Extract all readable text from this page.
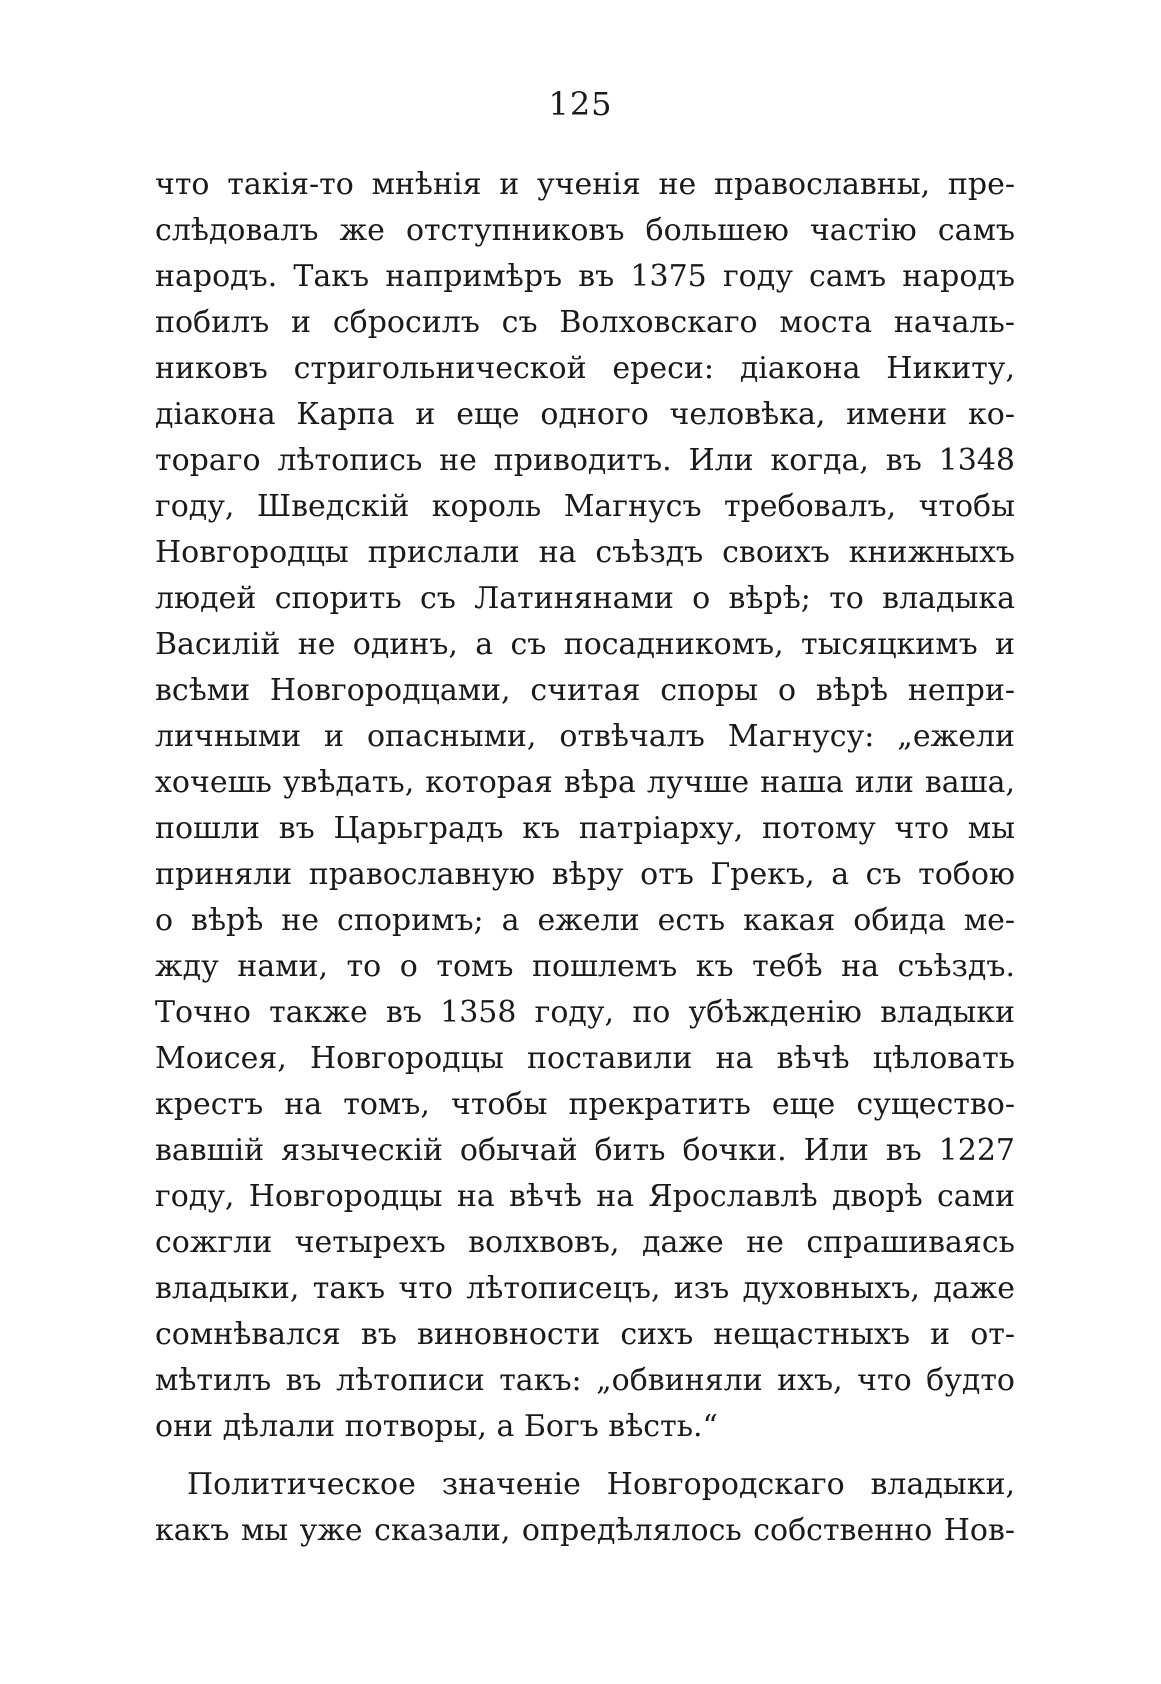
125
что такія-то мнѣнія и ученія не православны, пре-
слѣдовалъ же отступниковъ большею частію самъ
народъ. Такъ напримѣръ въ 1375 году самъ народъ
побилъ и сбросилъ съ Волховскаго моста началь-
никовъ стригольнической ереси: діакона Никиту,
діакона Карпа и еще одного человѣка, имени ко-
тораго лѣтопись не приводитъ. Или когда, въ 1348
году, Шведскій король Магнусъ требовалъ, чтобы
Новгородцы прислали на съѣздъ своихъ книжныхъ
людей спорить съ Латинянами о вѣрѣ; то владыка
Василій не одинъ, а съ посадникомъ, тысяцкимъ и
всѣми Новгородцами, считая споры о вѣрѣ непри-
личными и опасными, отвѣчалъ Магнусу: „ежели
хочешь увѣдать, которая вѣра лучше наша или ваша,
пошли въ Царьградъ къ патріарху, потому что мы
приняли православную вѣру отъ Грекъ, а съ тобою
о вѣрѣ не споримъ; а ежели есть какая обида ме-
жду нами, то о томъ пошлемъ къ тебѣ на съѣздъ.
Точно также въ 1358 году, по убѣжденію владыки
Моисея, Новгородцы поставили на вѣчѣ цѣловать
крестъ на томъ, чтобы прекратить еще существо-
вавшій языческій обычай бить бочки. Или въ 1227
году, Новгородцы на вѣчѣ на Ярославлѣ дворѣ сами
сожгли четырехъ волхвовъ, даже не спрашиваясь
владыки, такъ что лѣтописецъ, изъ духовныхъ, даже
сомнѣвался въ виновности сихъ нещастныхъ и от-
мѣтилъ въ лѣтописи такъ: „обвиняли ихъ, что будто
они дѣлали потворы, а Богъ вѣсть.“
Политическое значеніе Новгородскаго владыки,
какъ мы уже сказали, опредѣлялось собственно Нов-
